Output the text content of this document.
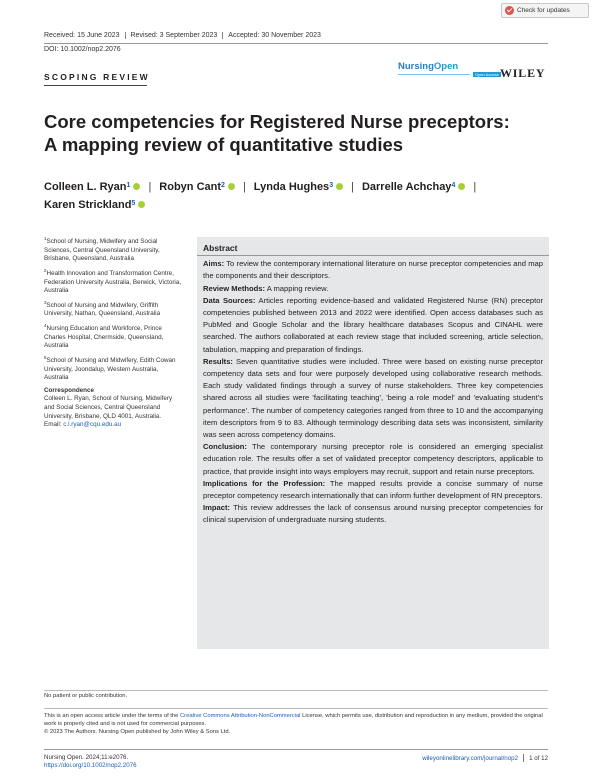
Check for updates
Received: 15 June 2023	Revised: 3 September 2023	Accepted: 30 November 2023
DOI: 10.1002/nop2.2076
SCOPING REVIEW
NursingOpen
Open Access WILEY
Core competencies for Registered Nurse preceptors:
A mapping review of quantitative studies
Colleen L. Ryan$^1$ | Robyn Cant$^2$ | Lynda Hughes$^3$ | Darrelle Achchay$^4$ |
Karen Strickland$^5$

$^1$School of Nursing, Midwifery and Social Sciences, Central Queensland University, Brisbane, Queensland, Australia

$^2$Health Innovation and Transformation Centre, Federation University Australia, Berwick, Victoria, Australia

$^3$School of Nursing and Midwifery, Griffith University, Nathan, Queensland, Australia

$^4$Nursing Education and Workforce, Prince Charles Hospital, Chermside, Queensland, Australia

$^5$School of Nursing and Midwifery, Edith Cowan University, Joondalup, Western Australia, Australia

Correspondence
Colleen L. Ryan, School of Nursing, Midwifery and Social Sciences, Central Queensland University, Brisbane, QLD 4001, Australia.
Email: c.l.ryan@cqu.edu.au
Abstract

Aims: To review the contemporary international literature on nurse preceptor competencies and map the components and their descriptors.

Review Methods: A mapping review.

Data Sources: Articles reporting evidence-based and validated Registered Nurse (RN) preceptor competencies published between 2013 and 2022 were identified. Open access databases such as PubMed and Google Scholar and the library healthcare databases Scopus and CINAHL were searched. The authors collaborated at each review stage that included screening, article selection, tabulation, mapping and preparation of findings.

Results: Seven quantitative studies were included. Three were based on existing nurse preceptor competency data sets and four were purposely developed using collaborative research methods. Each study validated findings through a survey of nurse stakeholders. Three key competencies shared across all studies were 'facilitating teaching', 'being a role model' and 'evaluating student's performance'. The number of competency categories ranged from three to 10 and the accompanying item descriptors from 9 to 83. Although terminology describing data sets was inconsistent, similarity was seen across competency domains.

Conclusion: The contemporary nursing preceptor role is considered an emerging specialist education role. The results offer a set of validated preceptor competency descriptors, applicable to practice, that provide insight into ways employers may recruit, support and retain nurse preceptors.

Implications for the Profession: The mapped results provide a concise summary of nurse preceptor competency research internationally that can inform further development of RN preceptors.

Impact: This review addresses the lack of consensus around nursing preceptor competencies for clinical supervision of undergraduate nursing students.

No patient or public contribution.
This is an open access article under the terms of the Creative Commons Attribution-NonCommercial License, which permits use, distribution and reproduction in any medium, provided the original work is properly cited and is not used for commercial purposes.
© 2023 The Authors. Nursing Open published by John Wiley & Sons Ltd.
Nursing Open. 2024;11:e2076.
https://doi.org/10.1002/nop2.2076
wileyonlinelibrary.com/journal/nop2 1 of 12
